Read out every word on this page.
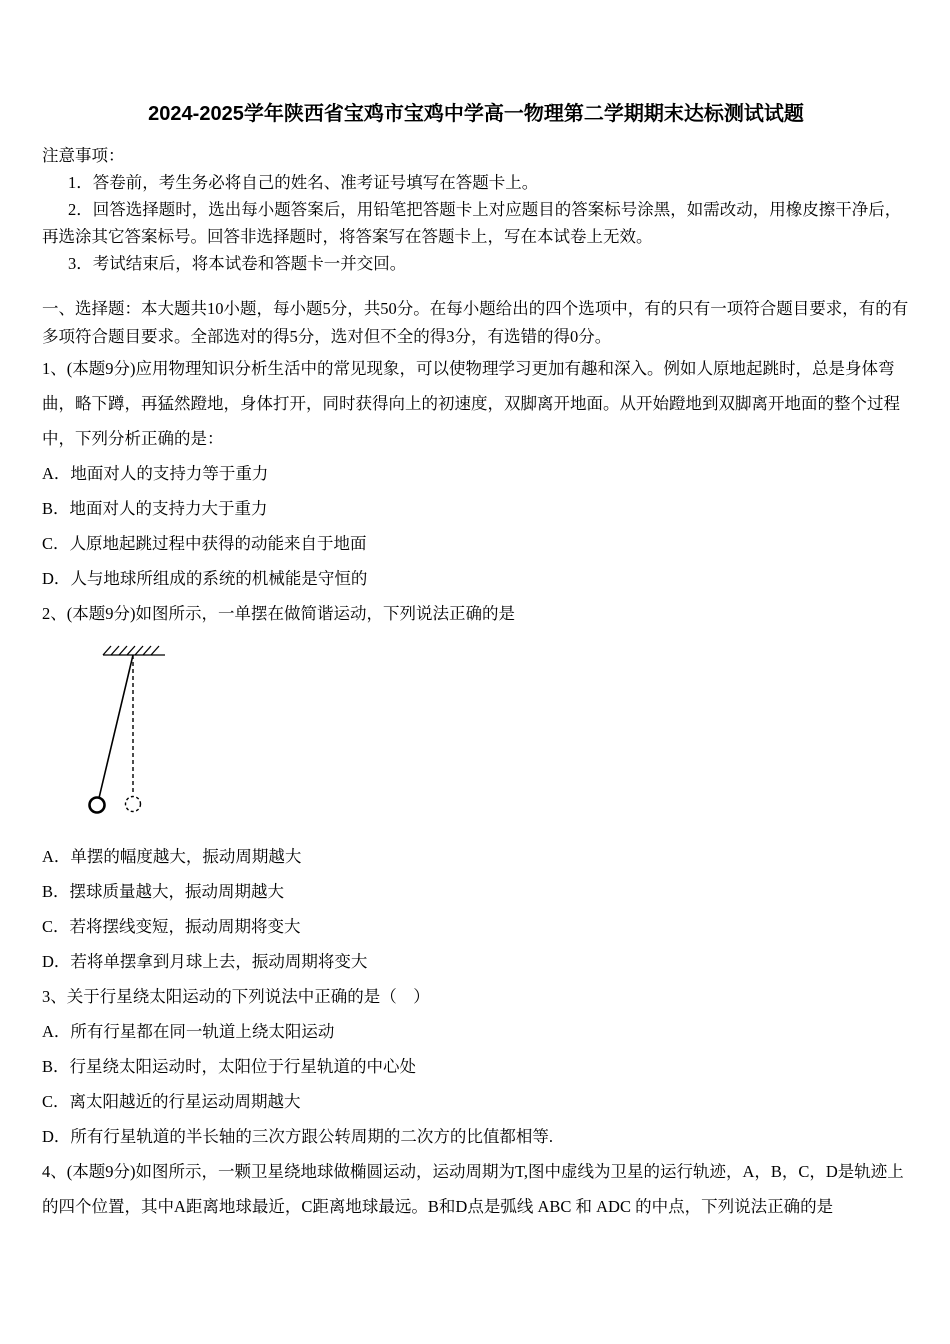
2024-2025学年陕西省宝鸡市宝鸡中学高一物理第二学期期末达标测试试题

注意事项：

1．答卷前，考生务必将自己的姓名、准考证号填写在答题卡上。

2．回答选择题时，选出每小题答案后，用铅笔把答题卡上对应题目的答案标号涂黑，如需改动，用橡皮擦干净后，再选涂其它答案标号。回答非选择题时，将答案写在答题卡上，写在本试卷上无效。

3．考试结束后，将本试卷和答题卡一并交回。

一、选择题：本大题共10小题，每小题5分，共50分。在每小题给出的四个选项中，有的只有一项符合题目要求，有的有多项符合题目要求。全部选对的得5分，选对但不全的得3分，有选错的得0分。

1、(本题9分)应用物理知识分析生活中的常见现象，可以使物理学习更加有趣和深入。例如人原地起跳时，总是身体弯曲，略下蹲，再猛然蹬地，身体打开，同时获得向上的初速度，双脚离开地面。从开始蹬地到双脚离开地面的整个过程中，下列分析正确的是：

A．地面对人的支持力等于重力

B．地面对人的支持力大于重力

C．人原地起跳过程中获得的动能来自于地面

D．人与地球所组成的系统的机械能是守恒的

2、(本题9分)如图所示，一单摆在做简谐运动，下列说法正确的是

A．单摆的幅度越大，振动周期越大

B．摆球质量越大，振动周期越大

C．若将摆线变短，振动周期将变大

D．若将单摆拿到月球上去，振动周期将变大

3、关于行星绕太阳运动的下列说法中正确的是（　）

A．所有行星都在同一轨道上绕太阳运动

B．行星绕太阳运动时，太阳位于行星轨道的中心处

C．离太阳越近的行星运动周期越大

D．所有行星轨道的半长轴的三次方跟公转周期的二次方的比值都相等.

4、(本题9分)如图所示，一颗卫星绕地球做椭圆运动，运动周期为T,图中虚线为卫星的运行轨迹，A，B，C，D是轨迹上的四个位置，其中A距离地球最近，C距离地球最远。B和D点是弧线 ABC 和 ADC 的中点，下列说法正确的是
